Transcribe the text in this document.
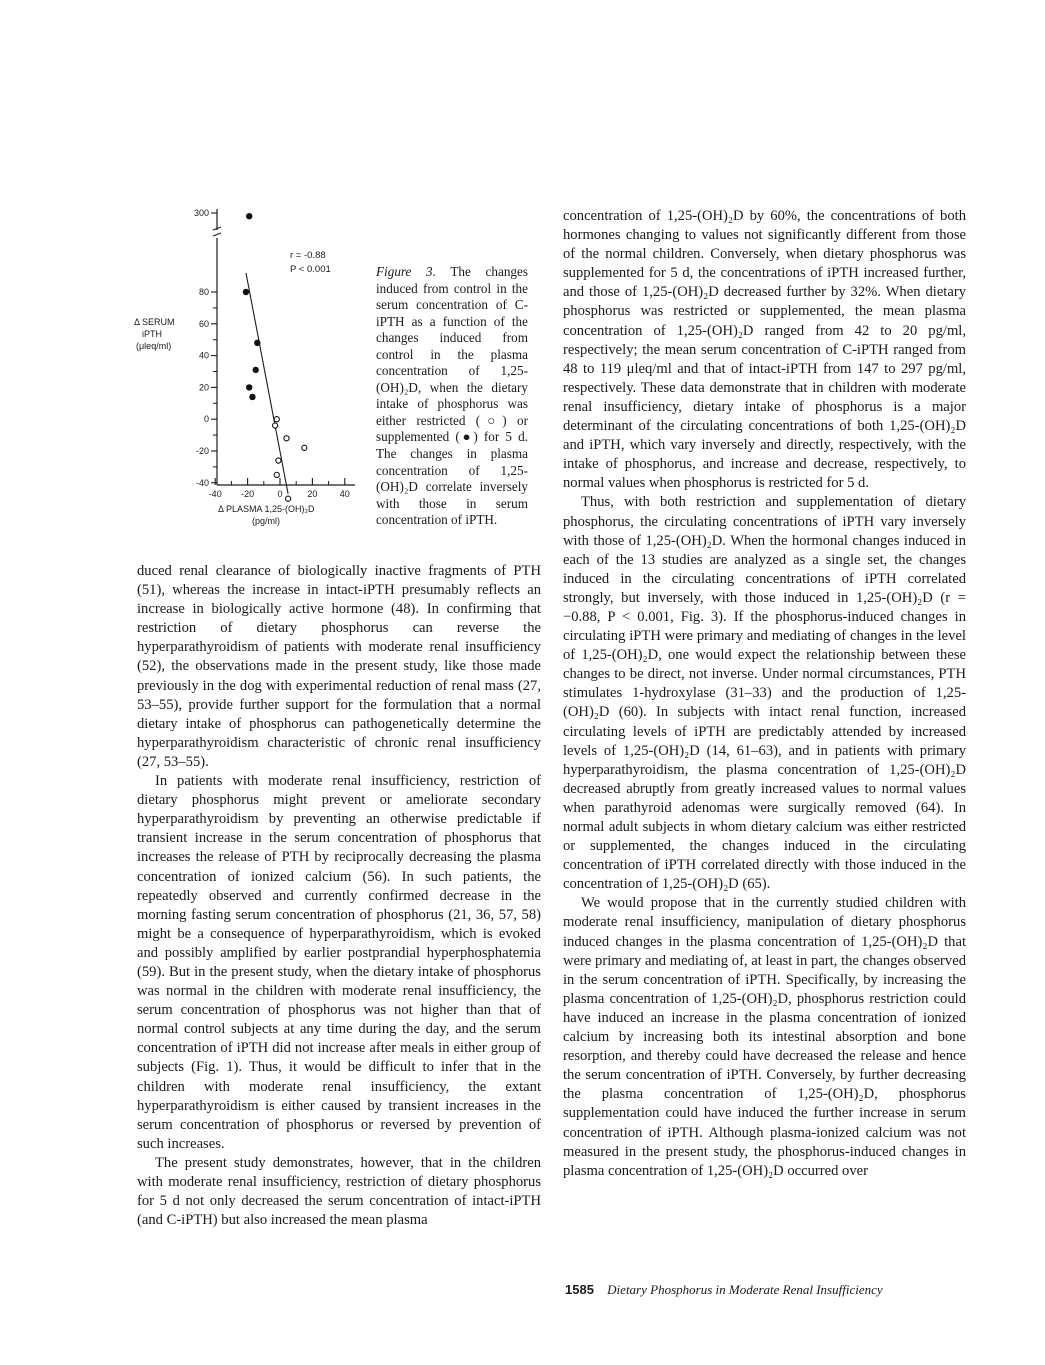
Δ SERUM
iPTH
(μleq/ml)
300
80
60
40
20
0
-20
-40
-40 -20	0	20 40
Δ PLASMA 1,25-(OH)₂D
(pg/ml)
r = -0.88
P < 0.001	Figure 3. The changes induced from control in the serum concentration of C-iPTH as a function of the changes induced from control in the plasma concentration of 1,25-(OH)₂D, when the dietary intake of phosphorus was either restricted (○) or supplemented (●) for 5 d. The changes in plasma concentration of 1,25-(OH)₂D correlate inversely with those in serum concentration of iPTH.

duced renal clearance of biologically inactive fragments of PTH (51), whereas the increase in intact-iPTH presumably reflects an increase in biologically active hormone (48). In confirming that restriction of dietary phosphorus can reverse the hyperparathyroidism of patients with moderate renal insufficiency (52), the observations made in the present study, like those made previously in the dog with experimental reduction of renal mass (27, 53–55), provide further support for the formulation that a normal dietary intake of phosphorus can pathogenetically determine the hyperparathyroidism characteristic of chronic renal insufficiency (27, 53–55).

In patients with moderate renal insufficiency, restriction of dietary phosphorus might prevent or ameliorate secondary hyperparathyroidism by preventing an otherwise predictable if transient increase in the serum concentration of phosphorus that increases the release of PTH by reciprocally decreasing the plasma concentration of ionized calcium (56). In such patients, the repeatedly observed and currently confirmed decrease in the morning fasting serum concentration of phosphorus (21, 36, 57, 58) might be a consequence of hyperparathyroidism, which is evoked and possibly amplified by earlier postprandial hyperphosphatemia (59). But in the present study, when the dietary intake of phosphorus was normal in the children with moderate renal insufficiency, the serum concentration of phosphorus was not higher than that of normal control subjects at any time during the day, and the serum concentration of iPTH did not increase after meals in either group of subjects (Fig. 1). Thus, it would be difficult to infer that in the children with moderate renal insufficiency, the extant hyperparathyroidism is either caused by transient increases in the serum concentration of phosphorus or reversed by prevention of such increases.

The present study demonstrates, however, that in the children with moderate renal insufficiency, restriction of dietary phosphorus for 5 d not only decreased the serum concentration of intact-iPTH (and C-iPTH) but also increased the mean plasma

concentration of 1,25-(OH)₂D by 60%, the concentrations of both hormones changing to values not significantly different from those of the normal children. Conversely, when dietary phosphorus was supplemented for 5 d, the concentrations of iPTH increased further, and those of 1,25-(OH)₂D decreased further by 32%. When dietary phosphorus was restricted or supplemented, the mean plasma concentration of 1,25-(OH)₂D ranged from 42 to 20 pg/ml, respectively; the mean serum concentration of C-iPTH ranged from 48 to 119 μleq/ml and that of intact-iPTH from 147 to 297 pg/ml, respectively. These data demonstrate that in children with moderate renal insufficiency, dietary intake of phosphorus is a major determinant of the circulating concentrations of both 1,25-(OH)₂D and iPTH, which vary inversely and directly, respectively, with the intake of phosphorus, and increase and decrease, respectively, to normal values when phosphorus is restricted for 5 d.

Thus, with both restriction and supplementation of dietary phosphorus, the circulating concentrations of iPTH vary inversely with those of 1,25-(OH)₂D. When the hormonal changes induced in each of the 13 studies are analyzed as a single set, the changes induced in the circulating concentrations of iPTH correlated strongly, but inversely, with those induced in 1,25-(OH)₂D (r = −0.88, P < 0.001, Fig. 3). If the phosphorus-induced changes in circulating iPTH were primary and mediating of changes in the level of 1,25-(OH)₂D, one would expect the relationship between these changes to be direct, not inverse. Under normal circumstances, PTH stimulates 1-hydroxylase (31–33) and the production of 1,25-(OH)₂D (60). In subjects with intact renal function, increased circulating levels of iPTH are predictably attended by increased levels of 1,25-(OH)₂D (14, 61–63), and in patients with primary hyperparathyroidism, the plasma concentration of 1,25-(OH)₂D decreased abruptly from greatly increased values to normal values when parathyroid adenomas were surgically removed (64). In normal adult subjects in whom dietary calcium was either restricted or supplemented, the changes induced in the circulating concentration of iPTH correlated directly with those induced in the concentration of 1,25-(OH)₂D (65).

We would propose that in the currently studied children with moderate renal insufficiency, manipulation of dietary phosphorus induced changes in the plasma concentration of 1,25-(OH)₂D that were primary and mediating of, at least in part, the changes observed in the serum concentration of iPTH. Specifically, by increasing the plasma concentration of 1,25-(OH)₂D, phosphorus restriction could have induced an increase in the plasma concentration of ionized calcium by increasing both its intestinal absorption and bone resorption, and thereby could have decreased the release and hence the serum concentration of iPTH. Conversely, by further decreasing the plasma concentration of 1,25-(OH)₂D, phosphorus supplementation could have induced the further increase in serum concentration of iPTH. Although plasma-ionized calcium was not measured in the present study, the phosphorus-induced changes in plasma concentration of 1,25-(OH)₂D occurred over

1585 Dietary Phosphorus in Moderate Renal Insufficiency
